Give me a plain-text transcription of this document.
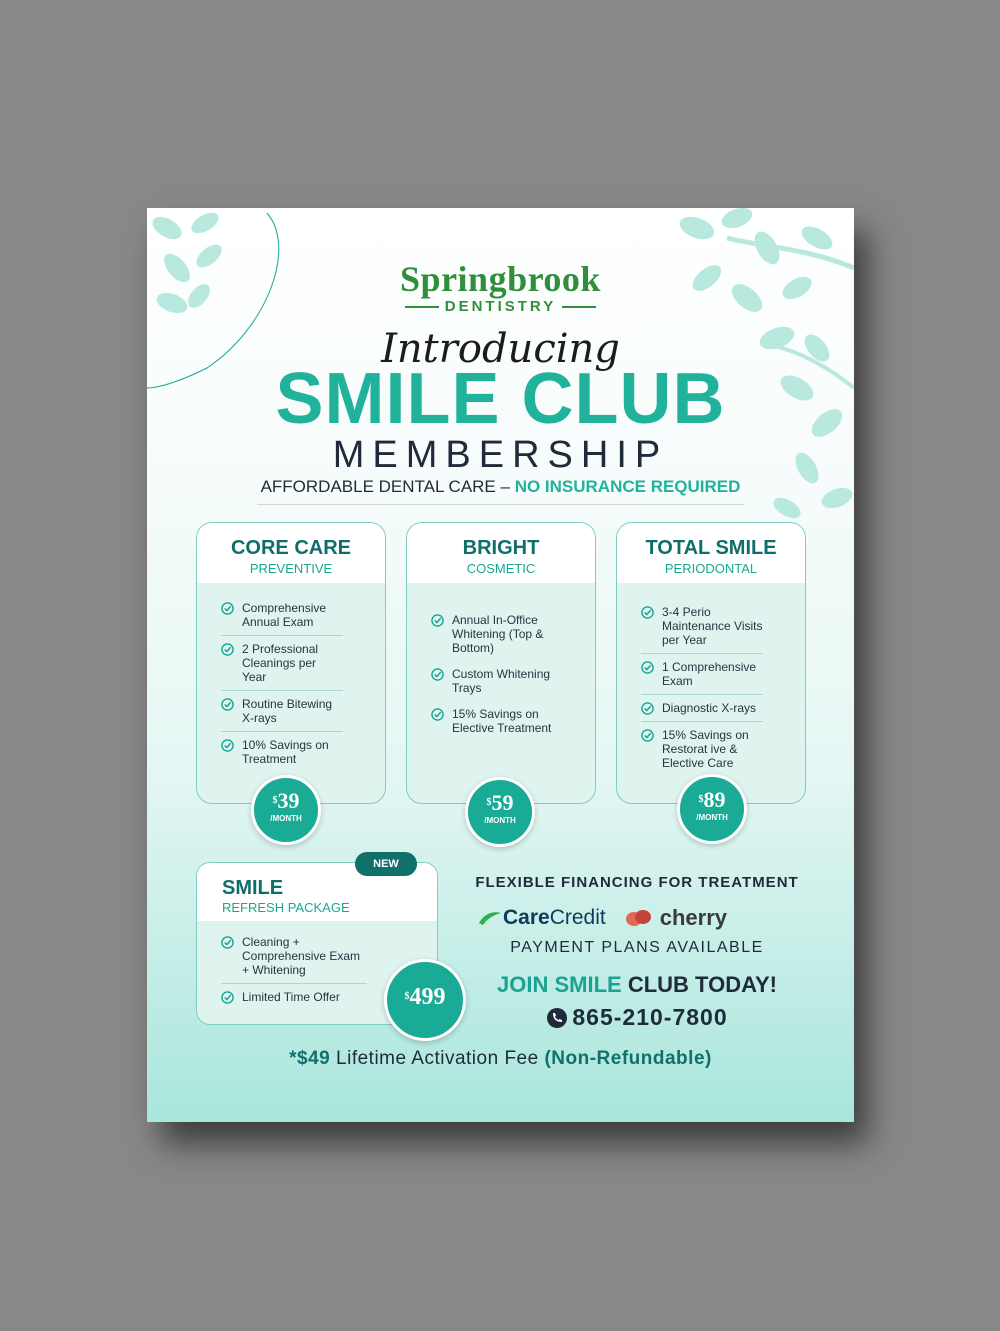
Springbrook
DENTISTRY
Introducing
SMILE CLUB
MEMBERSHIP
AFFORDABLE DENTAL CARE – NO INSURANCE REQUIRED
CORE CARE
PREVENTIVE
Comprehensive Annual Exam
2 Professional Cleanings per Year
Routine Bitewing X-rays
10% Savings on Treatment
BRIGHT
COSMETIC
Annual In-Office Whitening (Top & Bottom)
Custom Whitening Trays
15% Savings on Elective Treatment
TOTAL SMILE
PERIODONTAL
3-4 Perio Maintenance Visits per Year
1 Comprehensive Exam
Diagnostic X-rays
15% Savings on Restorat ive & Elective Care
$39
/MONTH
$59
/MONTH
$89
/MONTH
SMILE
REFRESH PACKAGE
Cleaning + Comprehensive Exam + Whitening
Limited Time Offer
NEW
$499
FLEXIBLE FINANCING FOR TREATMENT
Care Credit cherry
PAYMENT PLANS AVAILABLE
JOIN SMILE CLUB TODAY!
865-210-7800
*$49 Lifetime Activation Fee (Non-Refundable)
